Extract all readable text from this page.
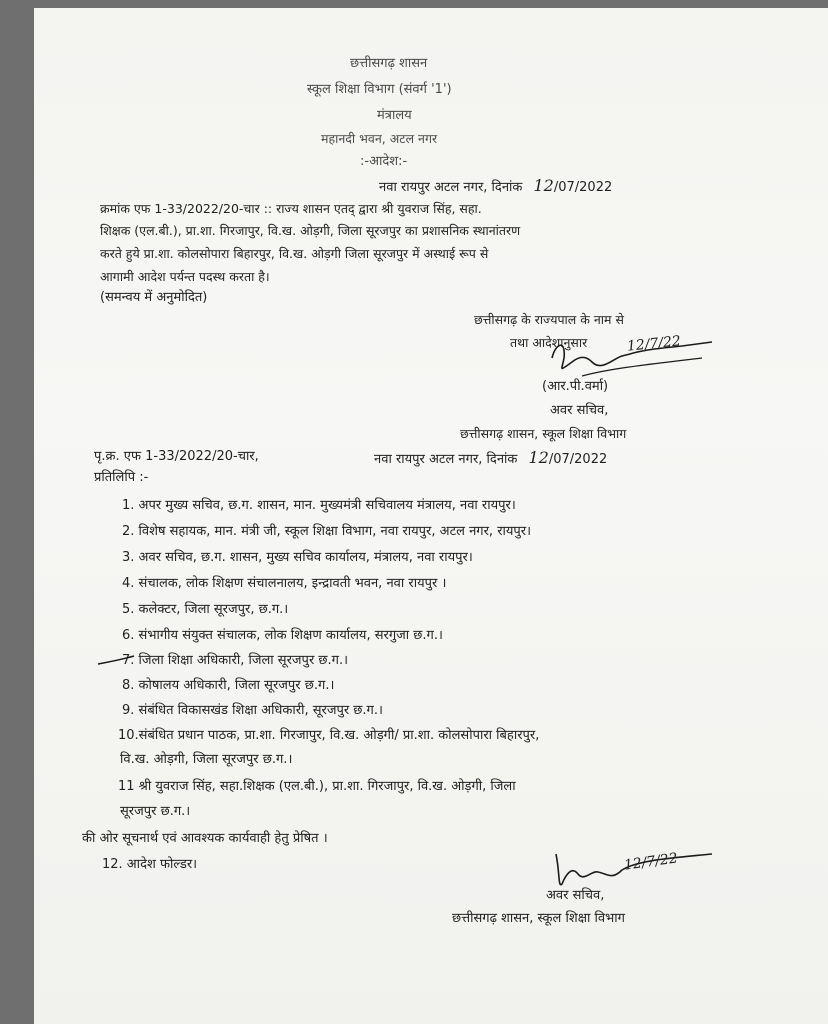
छत्तीसगढ़ शासन

स्कूल शिक्षा विभाग (संवर्ग '1')

मंत्रालय

महानदी भवन, अटल नगर

:-आदेश:-

नवा रायपुर अटल नगर, दिनांक 12/07/2022

क्रमांक एफ 1-33/2022/20-चार :: राज्य शासन एतद् द्वारा श्री युवराज सिंह, सहा.

शिक्षक (एल.बी.), प्रा.शा. गिरजापुर, वि.ख. ओड़गी, जिला सूरजपुर का प्रशासनिक स्थानांतरण

करते हुये प्रा.शा. कोलसोपारा बिहारपुर, वि.ख. ओड़गी जिला सूरजपुर में अस्थाई रूप से

आगामी आदेश पर्यन्त पदस्थ करता है।

(समन्वय में अनुमोदित)

छत्तीसगढ़ के राज्यपाल के नाम से

तथा आदेशानुसार	12/7/22

(आर.पी.वर्मा)

अवर सचिव,

छत्तीसगढ़ शासन, स्कूल शिक्षा विभाग

पृ.क्र. एफ 1-33/2022/20-चार,	नवा रायपुर अटल नगर, दिनांक 12/07/2022

प्रतिलिपि :-

1. अपर मुख्य सचिव, छ.ग. शासन, मान. मुख्यमंत्री सचिवालय मंत्रालय, नवा रायपुर।

2. विशेष सहायक, मान. मंत्री जी, स्कूल शिक्षा विभाग, नवा रायपुर, अटल नगर, रायपुर।

3. अवर सचिव, छ.ग. शासन, मुख्य सचिव कार्यालय, मंत्रालय, नवा रायपुर।

4. संचालक, लोक शिक्षण संचालनालय, इन्द्रावती भवन, नवा रायपुर ।

5. कलेक्टर, जिला सूरजपुर, छ.ग.।

6. संभागीय संयुक्त संचालक, लोक शिक्षण कार्यालय, सरगुजा छ.ग.।

7. जिला शिक्षा अधिकारी, जिला सूरजपुर छ.ग.।

8. कोषालय अधिकारी, जिला सूरजपुर छ.ग.।

9. संबंधित विकासखंड शिक्षा अधिकारी, सूरजपुर छ.ग.।

10.संबंधित प्रधान पाठक, प्रा.शा. गिरजापुर, वि.ख. ओड़गी/ प्रा.शा. कोलसोपारा बिहारपुर,

वि.ख. ओड़गी, जिला सूरजपुर छ.ग.।

11 श्री युवराज सिंह, सहा.शिक्षक (एल.बी.), प्रा.शा. गिरजापुर, वि.ख. ओड़गी, जिला

सूरजपुर छ.ग.।

की ओर सूचनार्थ एवं आवश्यक कार्यवाही हेतु प्रेषित ।

12. आदेश फोल्डर।	12/7/22

अवर सचिव,

छत्तीसगढ़ शासन, स्कूल शिक्षा विभाग
